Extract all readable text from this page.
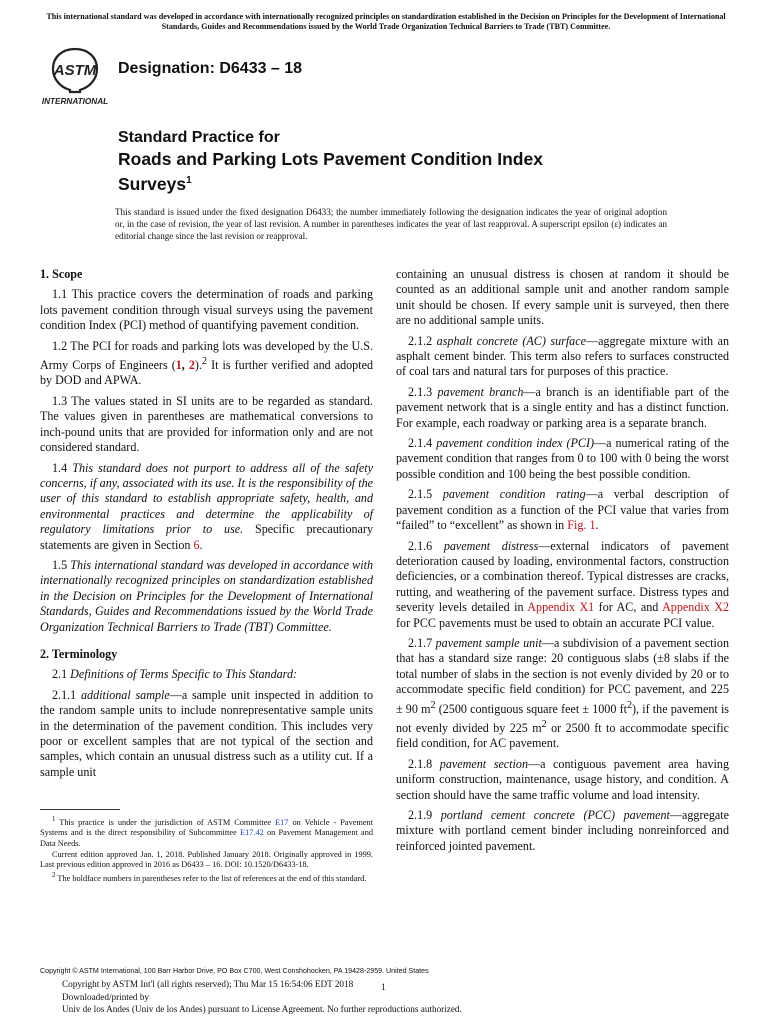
This international standard was developed in accordance with internationally recognized principles on standardization established in the Decision on Principles for the Development of International Standards, Guides and Recommendations issued by the World Trade Organization Technical Barriers to Trade (TBT) Committee.
ASTM
INTERNATIONAL
Designation: D6433 – 18
Standard Practice for
Roads and Parking Lots Pavement Condition Index
Surveys$^1$
This standard is issued under the fixed designation D6433; the number immediately following the designation indicates the year of original adoption or, in the case of revision, the year of last revision. A number in parentheses indicates the year of last reapproval. A superscript epsilon (ε) indicates an editorial change since the last revision or reapproval.
1. Scope

1.1 This practice covers the determination of roads and parking lots pavement condition through visual surveys using the pavement condition Index (PCI) method of quantifying pavement condition.

1.2 The PCI for roads and parking lots was developed by the U.S. Army Corps of Engineers (1, 2).$^2$ It is further verified and adopted by DOD and APWA.

1.3 The values stated in SI units are to be regarded as standard. The values given in parentheses are mathematical conversions to inch-pound units that are provided for information only and are not considered standard.

1.4 This standard does not purport to address all of the safety concerns, if any, associated with its use. It is the responsibility of the user of this standard to establish appropriate safety, health, and environmental practices and determine the applicability of regulatory limitations prior to use. Specific precautionary statements are given in Section 6.

1.5 This international standard was developed in accordance with internationally recognized principles on standardization established in the Decision on Principles for the Development of International Standards, Guides and Recommendations issued by the World Trade Organization Technical Barriers to Trade (TBT) Committee.

2. Terminology

2.1 Definitions of Terms Specific to This Standard:

2.1.1 additional sample—a sample unit inspected in addition to the random sample units to include nonrepresentative sample units in the determination of the pavement condition. This includes very poor or excellent samples that are not typical of the section and samples, which contain an unusual distress such as a utility cut. If a sample unit

$^1$ This practice is under the jurisdiction of ASTM Committee E17 on Vehicle - Pavement Systems and is the direct responsibility of Subcommittee E17.42 on Pavement Management and Data Needs.

Current edition approved Jan. 1, 2018. Published January 2018. Originally approved in 1999. Last previous edition approved in 2016 as D6433 – 16. DOI: 10.1520/D6433-18.

$^2$ The boldface numbers in parentheses refer to the list of references at the end of this standard.

containing an unusual distress is chosen at random it should be counted as an additional sample unit and another random sample unit should be chosen. If every sample unit is surveyed, then there are no additional sample units.

2.1.2 asphalt concrete (AC) surface—aggregate mixture with an asphalt cement binder. This term also refers to surfaces constructed of coal tars and natural tars for purposes of this practice.

2.1.3 pavement branch—a branch is an identifiable part of the pavement network that is a single entity and has a distinct function. For example, each roadway or parking area is a separate branch.

2.1.4 pavement condition index (PCI)—a numerical rating of the pavement condition that ranges from 0 to 100 with 0 being the worst possible condition and 100 being the best possible condition.

2.1.5 pavement condition rating—a verbal description of pavement condition as a function of the PCI value that varies from “failed” to “excellent” as shown in Fig. 1.

2.1.6 pavement distress—external indicators of pavement deterioration caused by loading, environmental factors, construction deficiencies, or a combination thereof. Typical distresses are cracks, rutting, and weathering of the pavement surface. Distress types and severity levels detailed in Appendix X1 for AC, and Appendix X2 for PCC pavements must be used to obtain an accurate PCI value.

2.1.7 pavement sample unit—a subdivision of a pavement section that has a standard size range: 20 contiguous slabs (±8 slabs if the total number of slabs in the section is not evenly divided by 20 or to accommodate specific field condition) for PCC pavement, and 225 ± 90 $m^2$ (2500 contiguous square feet ± 1000 $ft^2$), if the pavement is not evenly divided by 225 $m^2$ or 2500 ft to accommodate specific field condition, for AC pavement.

2.1.8 pavement section—a contiguous pavement area having uniform construction, maintenance, usage history, and condition. A section should have the same traffic volume and load intensity.

2.1.9 portland cement concrete (PCC) pavement—aggregate mixture with portland cement binder including nonreinforced and reinforced jointed pavement.

Copyright © ASTM International, 100 Barr Harbor Drive, PO Box C700, West Conshohocken, PA 19428-2959. United States
Copyright by ASTM Int'l (all rights reserved); Thu Mar 15 16:54:06 EDT 2018
Downloaded/printed by
Univ de los Andes (Univ de los Andes) pursuant to License Agreement. No further reproductions authorized.
1
